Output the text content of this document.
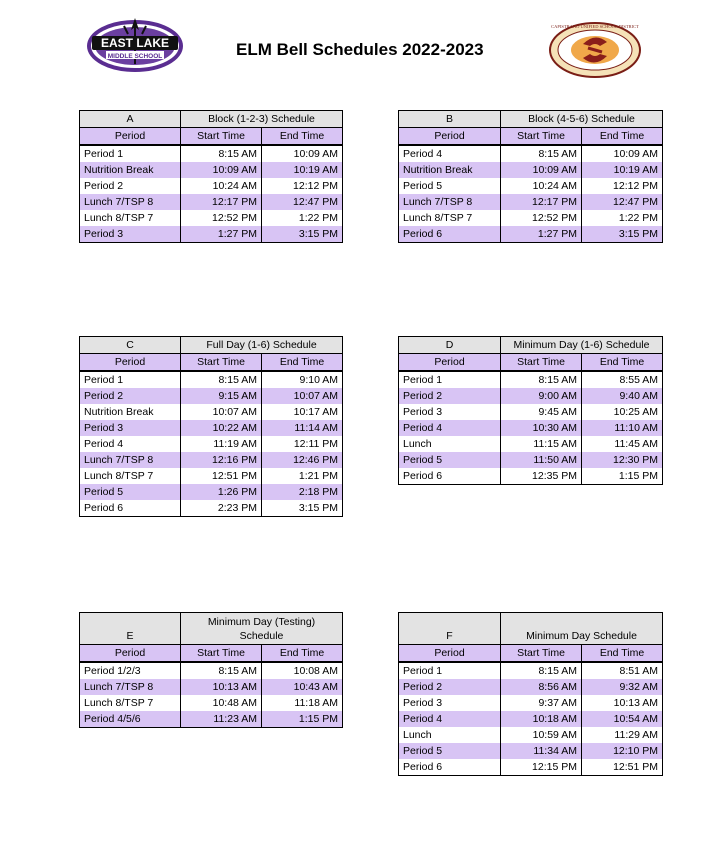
EAST LAKE
MIDDLE SCHOOL	ELM Bell Schedules 2022-2023
CAPISTRANO UNIFIED SCHOOL DISTRICT
A	Block (1-2-3) Schedule	
Period	Start Time	End Time
Period 1	8:15 AM	10:09 AM
Nutrition Break	10:09 AM	10:19 AM
Period 2	10:24 AM	12:12 PM
Lunch 7/TSP 8	12:17 PM	12:47 PM
Lunch 8/TSP 7	12:52 PM	1:22 PM
Period 3	1:27 PM	3:15 PM
B	Block (4-5-6) Schedule	
Period	Start Time	End Time
Period 4	8:15 AM	10:09 AM
Nutrition Break	10:09 AM	10:19 AM
Period 5	10:24 AM	12:12 PM
Lunch 7/TSP 8	12:17 PM	12:47 PM
Lunch 8/TSP 7	12:52 PM	1:22 PM
Period 6	1:27 PM	3:15 PM
C	Full Day (1-6) Schedule	
Period	Start Time	End Time
Period 1	8:15 AM	9:10 AM
Period 2	9:15 AM	10:07 AM
Nutrition Break	10:07 AM	10:17 AM
Period 3	10:22 AM	11:14 AM
Period 4	11:19 AM	12:11 PM
Lunch 7/TSP 8	12:16 PM	12:46 PM
Lunch 8/TSP 7	12:51 PM	1:21 PM
Period 5	1:26 PM	2:18 PM
Period 6	2:23 PM	3:15 PM
D	Minimum Day (1-6) Schedule	
Period	Start Time	End Time
Period 1	8:15 AM	8:55 AM
Period 2	9:00 AM	9:40 AM
Period 3	9:45 AM	10:25 AM
Period 4	10:30 AM	11:10 AM
Lunch	11:15 AM	11:45 AM
Period 5	11:50 AM	12:30 PM
Period 6	12:35 PM	1:15 PM
E	Minimum Day (Testing) Schedule	
Period	Start Time	End Time
Period 1/2/3	8:15 AM	10:08 AM
Lunch 7/TSP 8	10:13 AM	10:43 AM
Lunch 8/TSP 7	10:48 AM	11:18 AM
Period 4/5/6	11:23 AM	1:15 PM
F	Minimum Day Schedule	
Period	Start Time	End Time
Period 1	8:15 AM	8:51 AM
Period 2	8:56 AM	9:32 AM
Period 3	9:37 AM	10:13 AM
Period 4	10:18 AM	10:54 AM
Lunch	10:59 AM	11:29 AM
Period 5	11:34 AM	12:10 PM
Period 6	12:15 PM	12:51 PM
